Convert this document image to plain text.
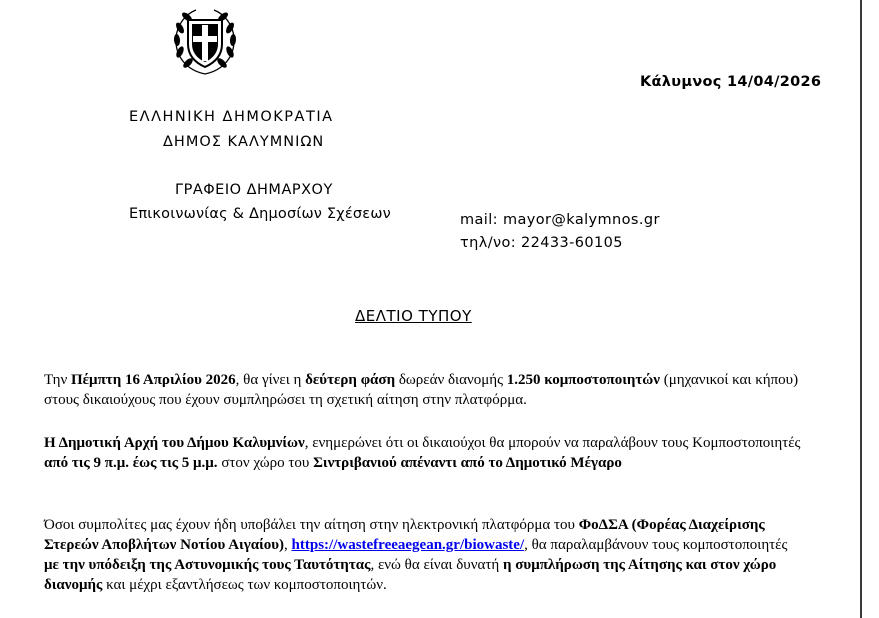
Κάλυμνος 14/04/2026
ΕΛΛΗΝΙΚΗ ΔΗΜΟΚΡΑΤΙΑ
ΔΗΜΟΣ ΚΑΛΥΜΝΙΩΝ
ΓΡΑΦΕΙΟ ΔΗΜΑΡΧΟΥ
Επικοινωνίας & Δημοσίων Σχέσεων	mail: mayor@kalymnos.gr
τηλ/νο: 22433-60105
ΔΕΛΤΙΟ ΤΥΠΟΥ
Την Πέμπτη 16 Απριλίου 2026, θα γίνει η δεύτερη φάση δωρεάν διανομής 1.250 κομποστοποιητών (μηχανικοί και κήπου) στους δικαιούχους που έχουν συμπληρώσει τη σχετική αίτηση στην πλατφόρμα.
Η Δημοτική Αρχή του Δήμου Καλυμνίων, ενημερώνει ότι οι δικαιούχοι θα μπορούν να παραλάβουν τους Κομποστοποιητές από τις 9 π.μ. έως τις 5 μ.μ. στον χώρο του Σιντριβανιού απέναντι από το Δημοτικό Μέγαρο
Όσοι συμπολίτες μας έχουν ήδη υποβάλει την αίτηση στην ηλεκτρονική πλατφόρμα του ΦοΔΣΑ (Φορέας Διαχείρισης Στερεών Αποβλήτων Νοτίου Αιγαίου), https://wastefreeaegean.gr/biowaste/, θα παραλαμβάνουν τους κομποστοποιητές με την υπόδειξη της Αστυνομικής τους Ταυτότητας, ενώ θα είναι δυνατή η συμπλήρωση της Αίτησης και στον χώρο διανομής και μέχρι εξαντλήσεως των κομποστοποιητών.
